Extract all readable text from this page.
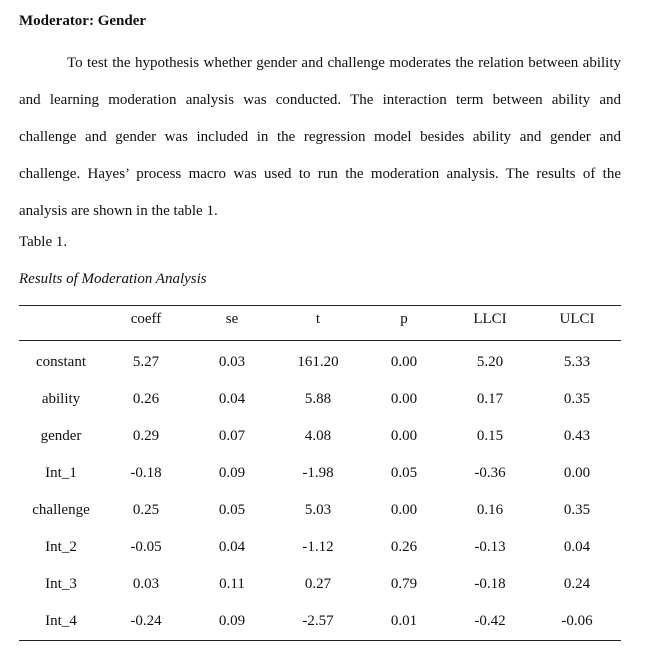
Moderator: Gender

To test the hypothesis whether gender and challenge moderates the relation between ability and learning moderation analysis was conducted. The interaction term between ability and challenge and gender was included in the regression model besides ability and gender and challenge. Hayes’ process macro was used to run the moderation analysis. The results of the analysis are shown in the table 1.

Table 1.
Results of Moderation Analysis
	coeff	se	t	p	LLCI	ULCI
constant	5.27	0.03	161.20	0.00	5.20	5.33
ability	0.26	0.04	5.88	0.00	0.17	0.35
gender	0.29	0.07	4.08	0.00	0.15	0.43
Int_1	-0.18	0.09	-1.98	0.05	-0.36	0.00
challenge	0.25	0.05	5.03	0.00	0.16	0.35
Int_2	-0.05	0.04	-1.12	0.26	-0.13	0.04
Int_3	0.03	0.11	0.27	0.79	-0.18	0.24
Int_4	-0.24	0.09	-2.57	0.01	-0.42	-0.06
